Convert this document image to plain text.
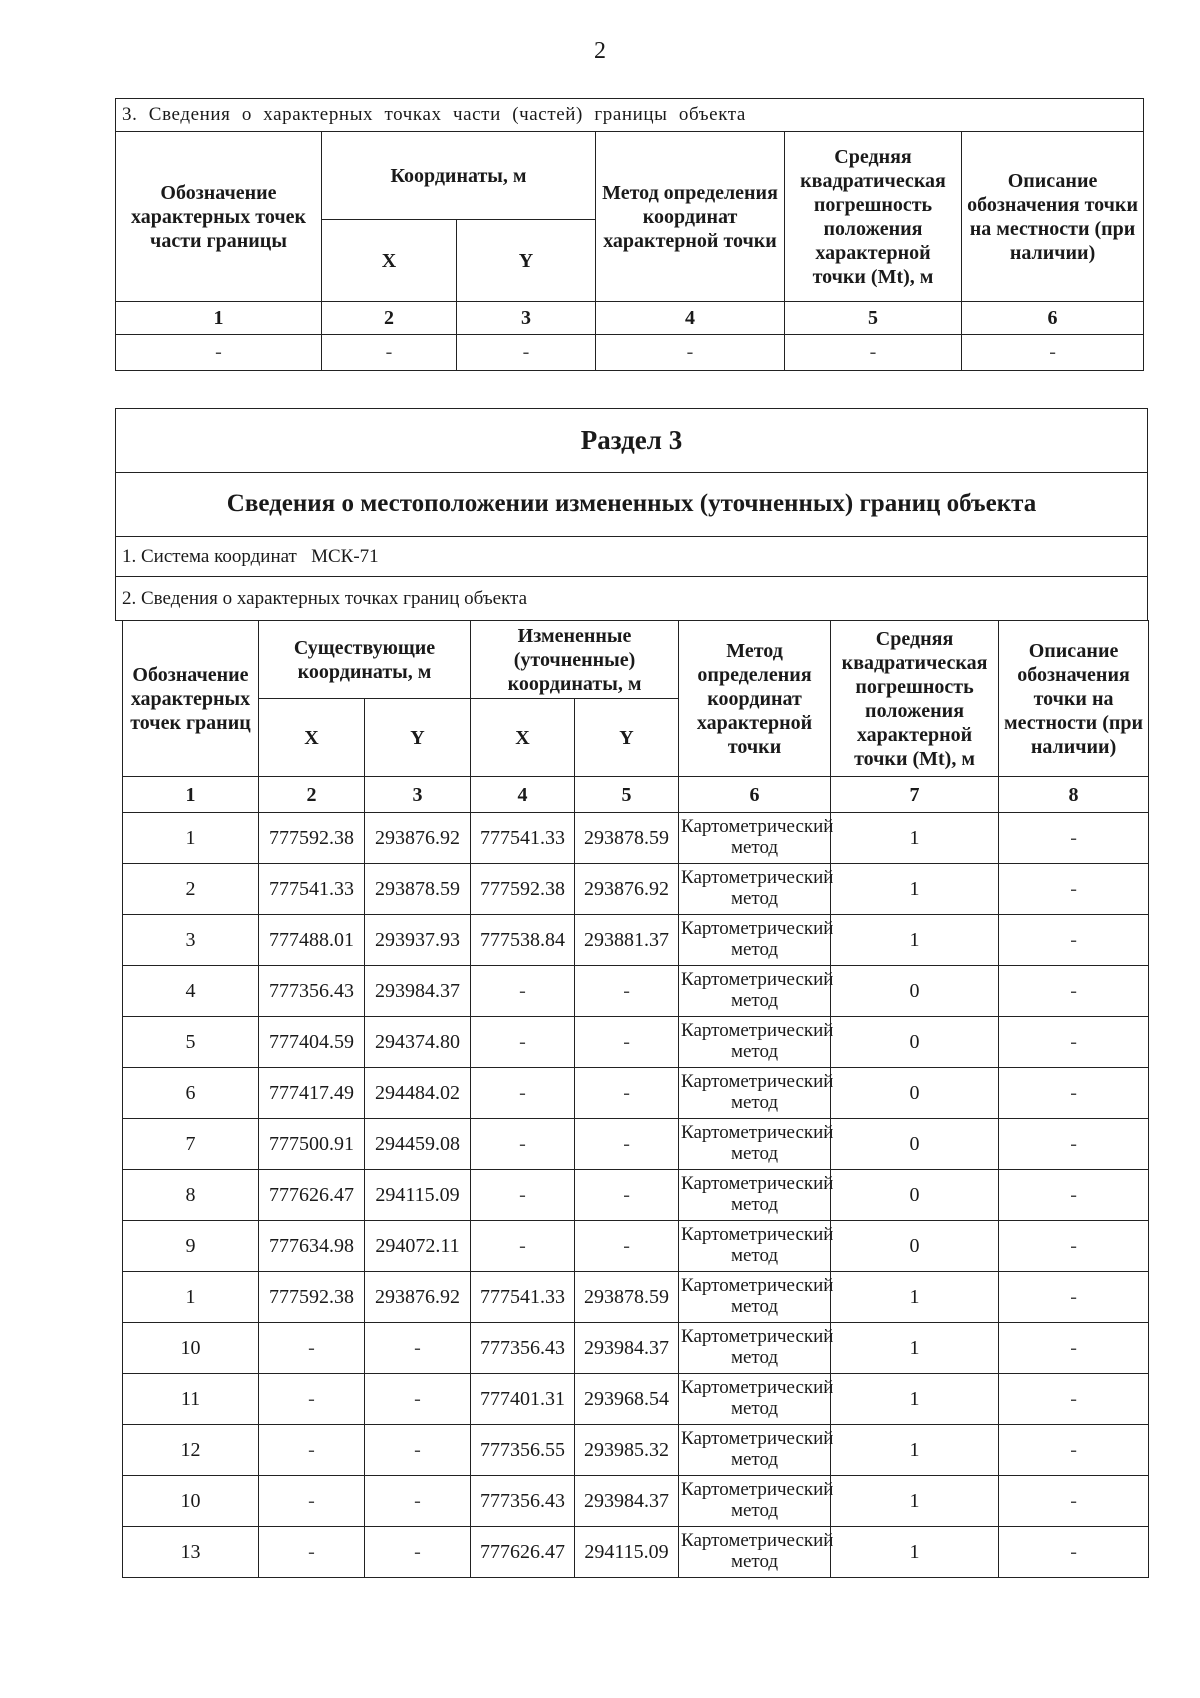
2
3. Сведения о характерных точках части (частей) границы объекта					
Обозначение характерных точек части границы	Координаты, м		Метод определения координат характерной точки	Средняя квадратическая погрешность положения характерной точки (Mt), м	Описание обозначения точки на местности (при наличии)
	X	Y			
1	2	3	4	5	6
-	-	-	-	-	-
Раздел 3
Сведения о местоположении измененных (уточненных) границ объекта
1. Система координат МСК-71
2. Сведения о характерных точках границ объекта
Обозначение характерных точек границ	Существующие координаты, м		Измененные (уточненные) координаты, м		Метод определения координат характерной точки	Средняя квадратическая погрешность положения характерной точки (Mt), м	Описание обозначения точки на местности (при наличии)
	X	Y	X	Y			
1	2	3	4	5	6	7	8
1	777592.38	293876.92	777541.33	293878.59	Картометрический метод	1	-
2	777541.33	293878.59	777592.38	293876.92	Картометрический метод	1	-
3	777488.01	293937.93	777538.84	293881.37	Картометрический метод	1	-
4	777356.43	293984.37	-	-	Картометрический метод	0	-
5	777404.59	294374.80	-	-	Картометрический метод	0	-
6	777417.49	294484.02	-	-	Картометрический метод	0	-
7	777500.91	294459.08	-	-	Картометрический метод	0	-
8	777626.47	294115.09	-	-	Картометрический метод	0	-
9	777634.98	294072.11	-	-	Картометрический метод	0	-
1	777592.38	293876.92	777541.33	293878.59	Картометрический метод	1	-
10	-	-	777356.43	293984.37	Картометрический метод	1	-
11	-	-	777401.31	293968.54	Картометрический метод	1	-
12	-	-	777356.55	293985.32	Картометрический метод	1	-
10	-	-	777356.43	293984.37	Картометрический метод	1	-
13	-	-	777626.47	294115.09	Картометрический метод	1	-
